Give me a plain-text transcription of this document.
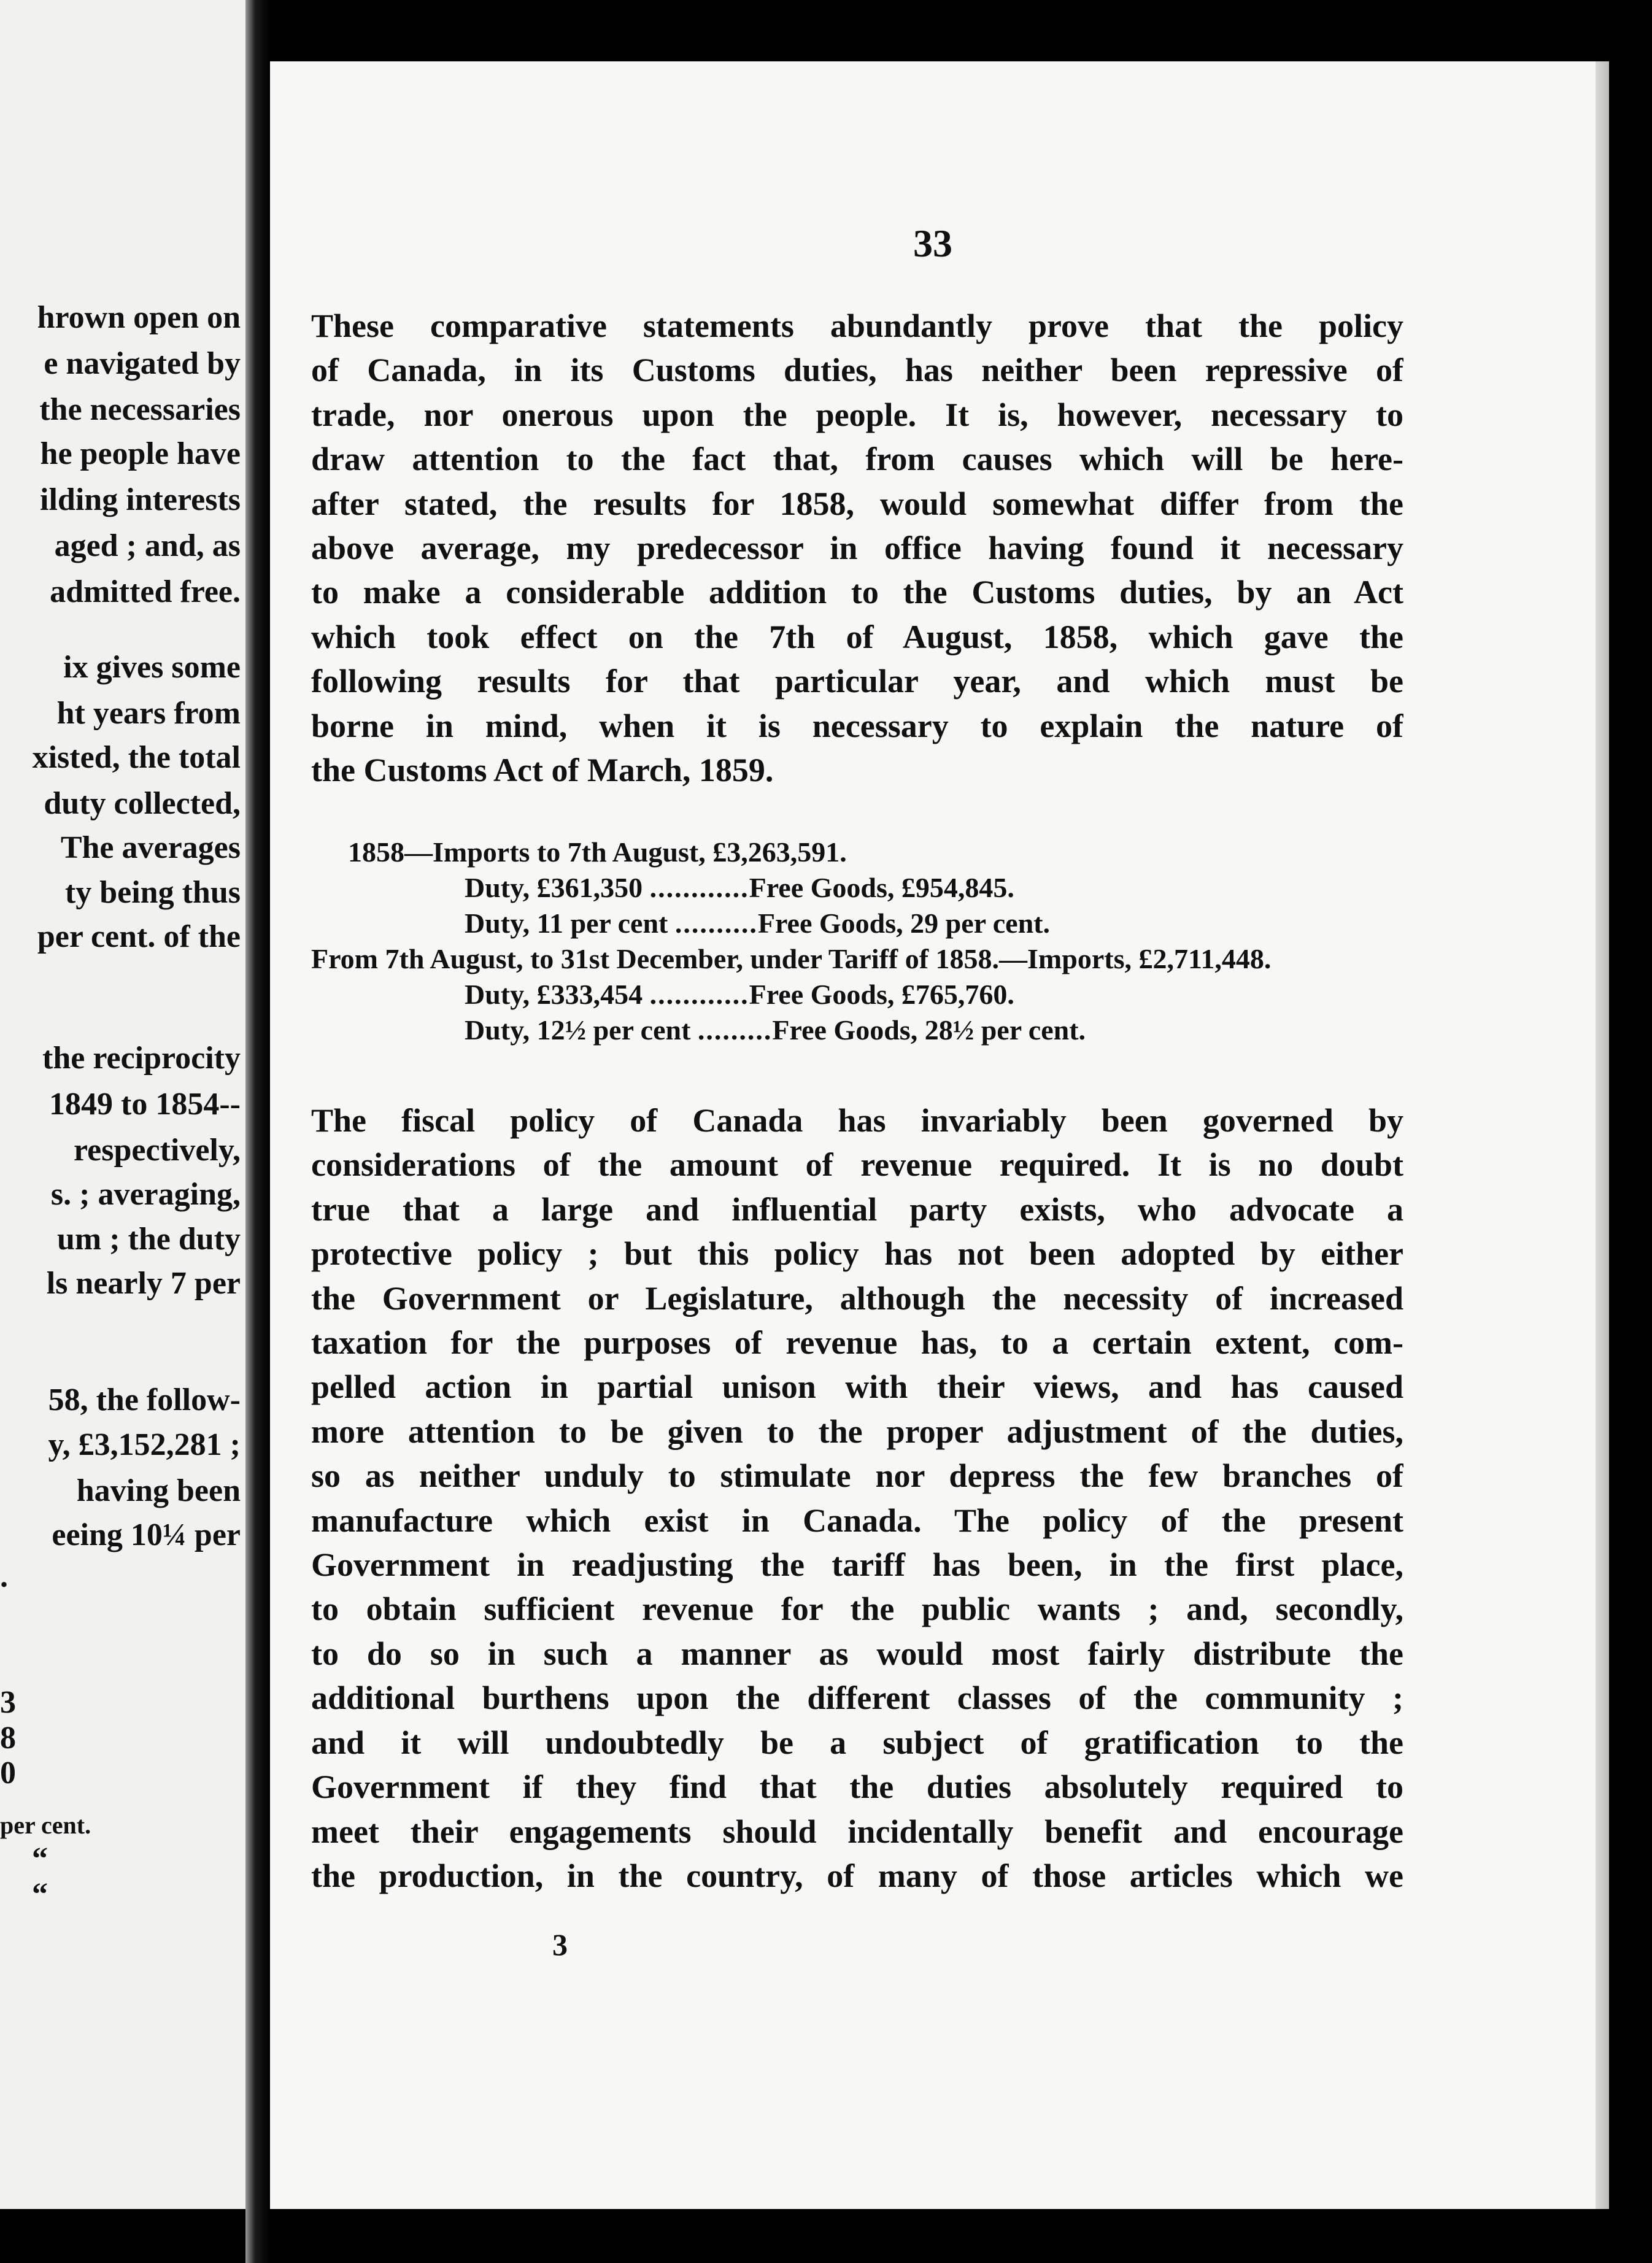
hrown open on
e navigated by
the necessaries
he people have
ilding interests
aged ; and, as
admitted free.
ix gives some
ht years from
xisted, the total
duty collected,
The averages
ty being thus
per cent. of the
the reciprocity
1849 to 1854--
respectively,
s. ; averaging,
um ; the duty
ls nearly 7 per
58, the follow-
y, £3,152,281 ;
having been
eeing 10¼ per
.
3
8
0
per cent.
“
“
33
These comparative statements abundantly prove that the policy
of Canada, in its Customs duties, has neither been repressive of
trade, nor onerous upon the people. It is, however, necessary to
draw attention to the fact that, from causes which will be here-
after stated, the results for 1858, would somewhat differ from the
above average, my predecessor in office having found it necessary
to make a considerable addition to the Customs duties, by an Act
which took effect on the 7th of August, 1858, which gave the
following results for that particular year, and which must be
borne in mind, when it is necessary to explain the nature of
the Customs Act of March, 1859.
1858—Imports to 7th August, £3,263,591.
Duty, £361,350 ............Free Goods, £954,845.
Duty, 11 per cent ..........Free Goods, 29 per cent.
From 7th August, to 31st December, under Tariff of 1858.—Imports, £2,711,448.
Duty, £333,454 ............Free Goods, £765,760.
Duty, 12½ per cent .........Free Goods, 28½ per cent.
The fiscal policy of Canada has invariably been governed by
considerations of the amount of revenue required. It is no doubt
true that a large and influential party exists, who advocate a
protective policy ; but this policy has not been adopted by either
the Government or Legislature, although the necessity of increased
taxation for the purposes of revenue has, to a certain extent, com-
pelled action in partial unison with their views, and has caused
more attention to be given to the proper adjustment of the duties,
so as neither unduly to stimulate nor depress the few branches of
manufacture which exist in Canada. The policy of the present
Government in readjusting the tariff has been, in the first place,
to obtain sufficient revenue for the public wants ; and, secondly,
to do so in such a manner as would most fairly distribute the
additional burthens upon the different classes of the community ;
and it will undoubtedly be a subject of gratification to the
Government if they find that the duties absolutely required to
meet their engagements should incidentally benefit and encourage
the production, in the country, of many of those articles which we
3
